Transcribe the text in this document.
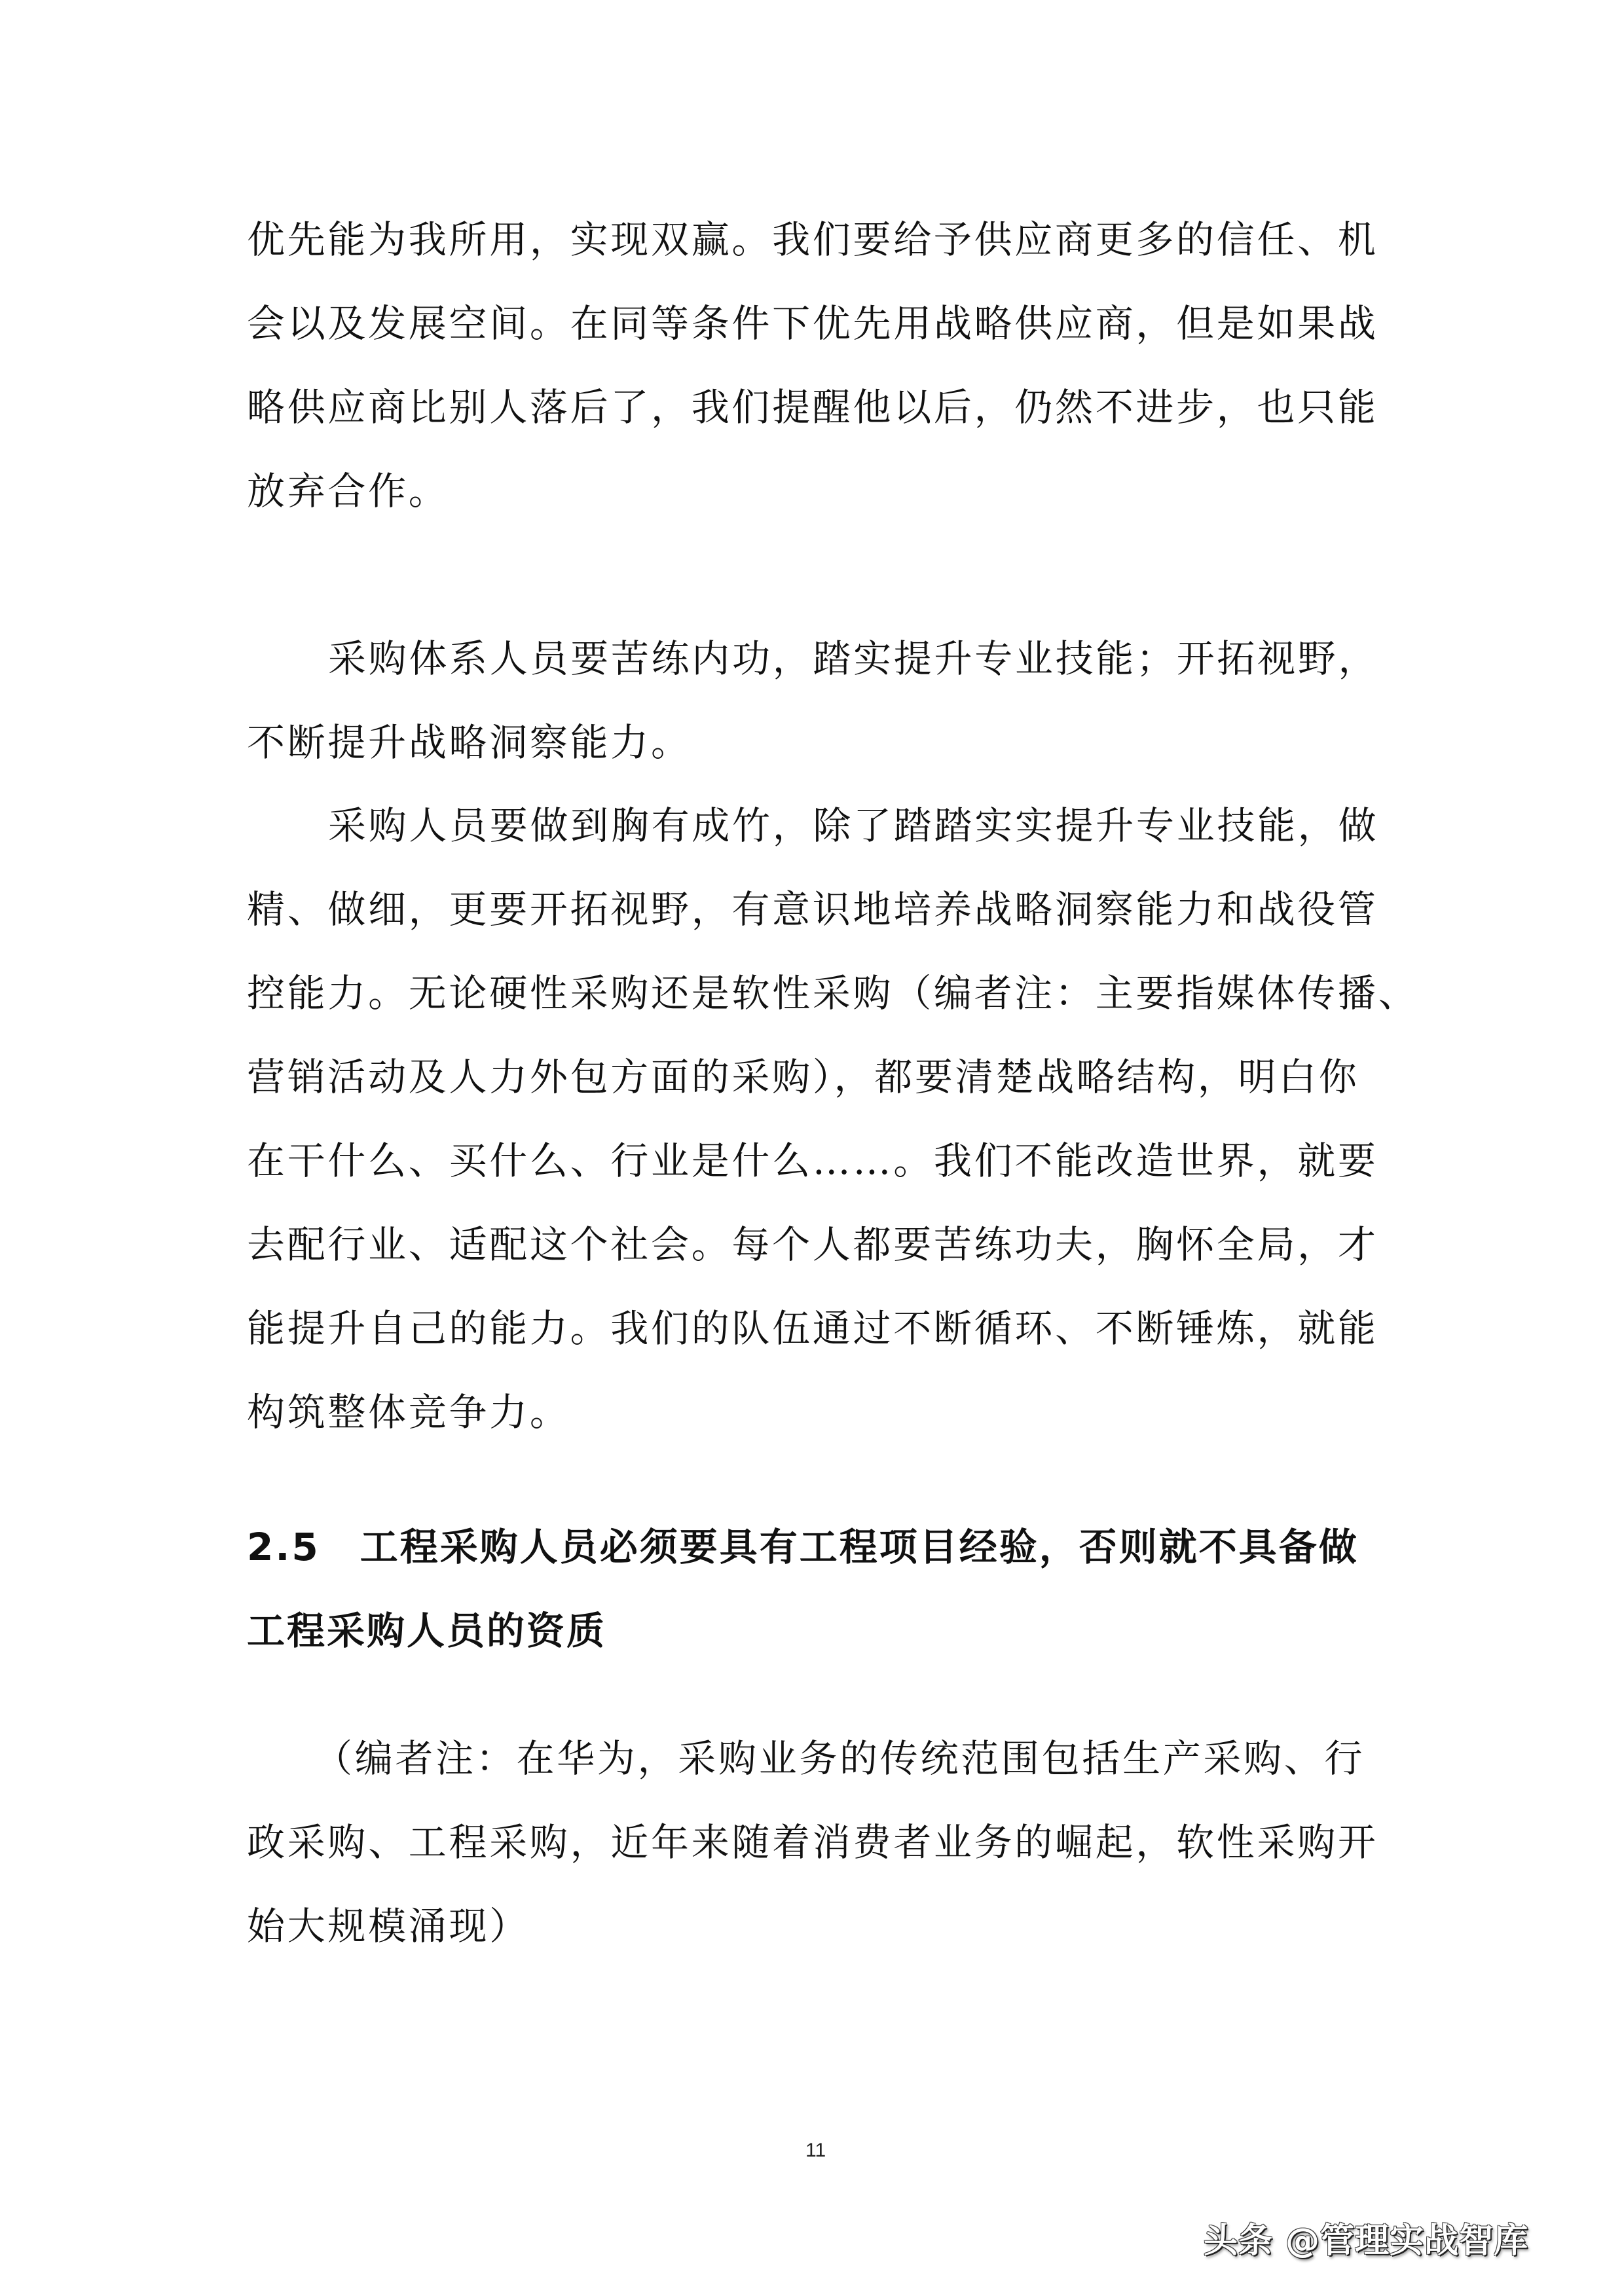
优先能为我所用，实现双赢。我们要给予供应商更多的信任、机
会以及发展空间。在同等条件下优先用战略供应商，但是如果战
略供应商比别人落后了，我们提醒他以后，仍然不进步，也只能
放弃合作。
采购体系人员要苦练内功，踏实提升专业技能；开拓视野，
不断提升战略洞察能力。
采购人员要做到胸有成竹，除了踏踏实实提升专业技能，做
精、做细，更要开拓视野，有意识地培养战略洞察能力和战役管
控能力。无论硬性采购还是软性采购（编者注：主要指媒体传播、
营销活动及人力外包方面的采购），都要清楚战略结构，明白你
在干什么、买什么、行业是什么……。我们不能改造世界，就要
去配行业、适配这个社会。每个人都要苦练功夫，胸怀全局，才
能提升自己的能力。我们的队伍通过不断循环、不断锤炼，就能
构筑整体竞争力。
2.5　工程采购人员必须要具有工程项目经验，否则就不具备做
工程采购人员的资质
（编者注：在华为，采购业务的传统范围包括生产采购、行
政采购、工程采购，近年来随着消费者业务的崛起，软性采购开
始大规模涌现）
11
头条 @管理实战智库
